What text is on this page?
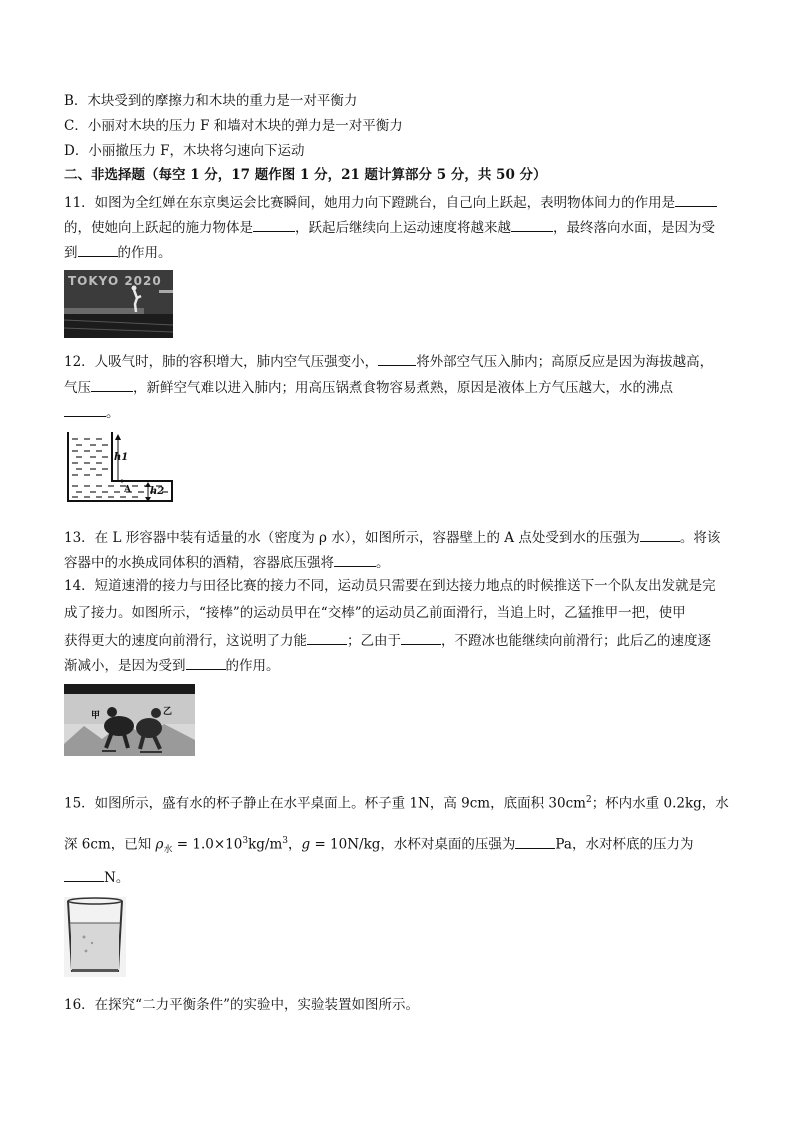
B．木块受到的摩擦力和木块的重力是一对平衡力
C．小丽对木块的压力 F 和墙对木块的弹力是一对平衡力
D．小丽撤压力 F，木块将匀速向下运动
二、非选择题（每空 1 分，17 题作图 1 分，21 题计算部分 5 分，共 50 分）
11．如图为全红婵在东京奥运会比赛瞬间，她用力向下蹬跳台，自己向上跃起，表明物体间力的作用是
的，使她向上跃起的施力物体是	，跃起后继续向上运动速度将越来越	，最终落向水面，是因为受
到	的作用。
TOKYO 2020
12．人吸气时，肺的容积增大，肺内空气压强变小，	将外部空气压入肺内；高原反应是因为海拔越高，
气压	，新鲜空气难以进入肺内；用高压锅煮食物容易煮熟，原因是液体上方气压越大，水的沸点
。
h1
A h2
13．在 L 形容器中装有适量的水（密度为 ρ 水），如图所示，容器壁上的 A 点处受到水的压强为	。将该
容器中的水换成同体积的酒精，容器底压强将	。
14．短道速滑的接力与田径比赛的接力不同，运动员只需要在到达接力地点的时候推送下一个队友出发就是完
成了接力。如图所示，“接棒”的运动员甲在“交棒”的运动员乙前面滑行，当追上时，乙猛推甲一把，使甲
获得更大的速度向前滑行，这说明了力能	；乙由于	，不蹬冰也能继续向前滑行；此后乙的速度逐
渐减小，是因为受到	的作用。
甲	乙
15．如图所示，盛有水的杯子静止在水平桌面上。杯子重 1N，高 9cm，底面积 $30cm^2$；杯内水重 0.2kg，水
深 6cm，已知 $\rho_水 = 1.0\times 10^3kg/m^3$，g = 10N/kg，水杯对桌面的压强为	Pa，水对杯底的压力为
N。
16．在探究“二力平衡条件”的实验中，实验装置如图所示。
